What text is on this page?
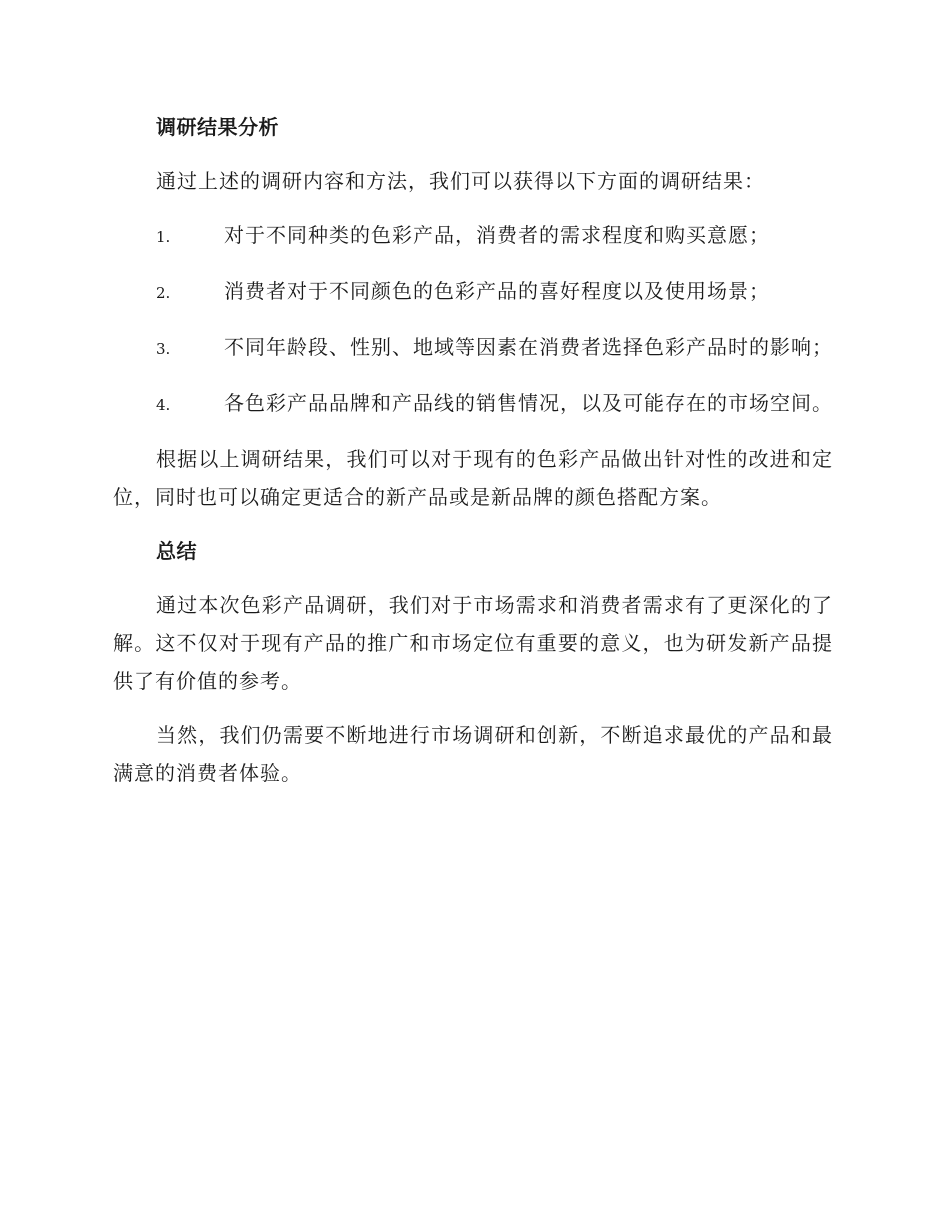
调研结果分析

通过上述的调研内容和方法，我们可以获得以下方面的调研结果：

1.	对于不同种类的色彩产品，消费者的需求程度和购买意愿；

2.	消费者对于不同颜色的色彩产品的喜好程度以及使用场景；

3.	不同年龄段、性别、地域等因素在消费者选择色彩产品时的影响；

4.	各色彩产品品牌和产品线的销售情况，以及可能存在的市场空间。

根据以上调研结果，我们可以对于现有的色彩产品做出针对性的改进和定位，同时也可以确定更适合的新产品或是新品牌的颜色搭配方案。

总结

通过本次色彩产品调研，我们对于市场需求和消费者需求有了更深化的了解。这不仅对于现有产品的推广和市场定位有重要的意义，也为研发新产品提供了有价值的参考。

当然，我们仍需要不断地进行市场调研和创新，不断追求最优的产品和最满意的消费者体验。
